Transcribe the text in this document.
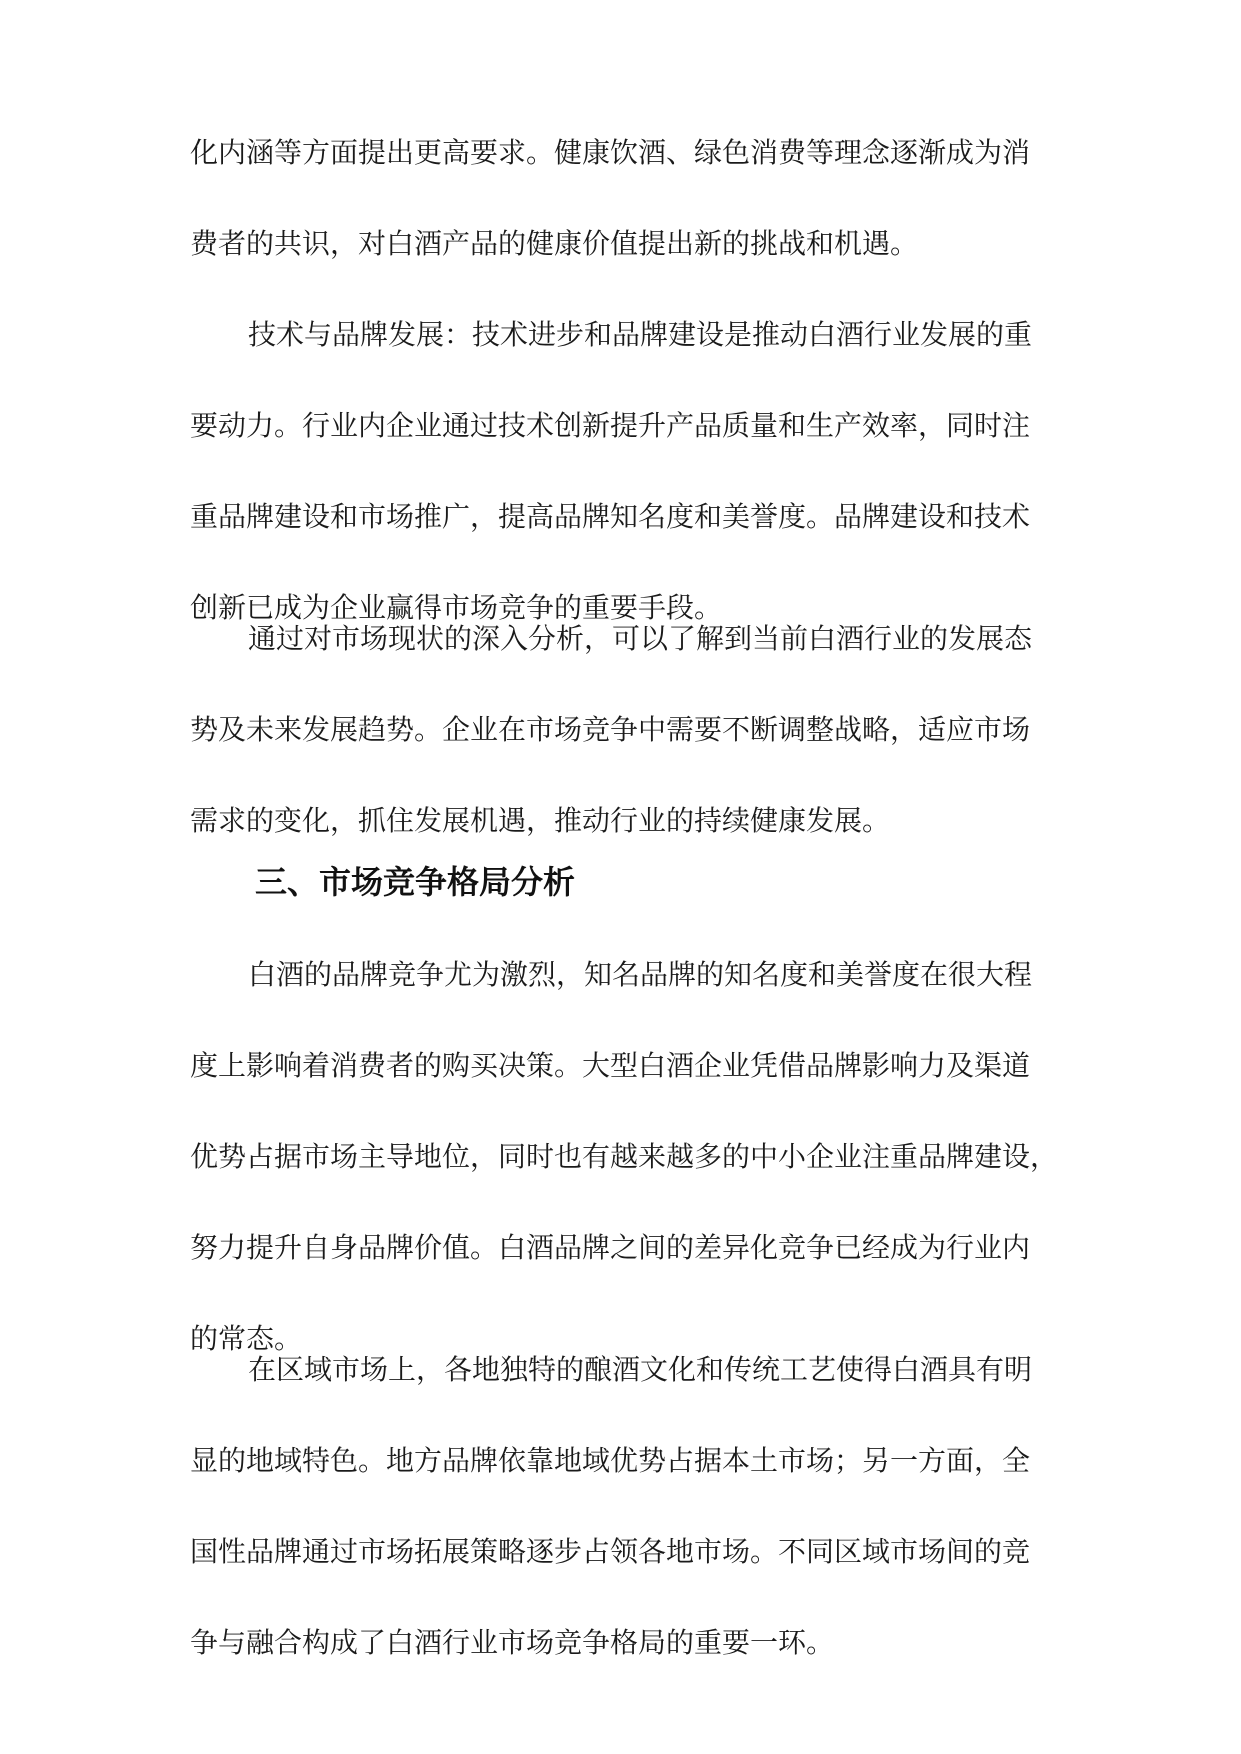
化内涵等方面提出更高要求。健康饮酒、绿色消费等理念逐渐成为消
费者的共识，对白酒产品的健康价值提出新的挑战和机遇。
技术与品牌发展：技术进步和品牌建设是推动白酒行业发展的重
要动力。行业内企业通过技术创新提升产品质量和生产效率，同时注
重品牌建设和市场推广，提高品牌知名度和美誉度。品牌建设和技术
创新已成为企业赢得市场竞争的重要手段。
通过对市场现状的深入分析，可以了解到当前白酒行业的发展态
势及未来发展趋势。企业在市场竞争中需要不断调整战略，适应市场
需求的变化，抓住发展机遇，推动行业的持续健康发展。
三、市场竞争格局分析
白酒的品牌竞争尤为激烈，知名品牌的知名度和美誉度在很大程
度上影响着消费者的购买决策。大型白酒企业凭借品牌影响力及渠道
优势占据市场主导地位，同时也有越来越多的中小企业注重品牌建设，
努力提升自身品牌价值。白酒品牌之间的差异化竞争已经成为行业内
的常态。
在区域市场上，各地独特的酿酒文化和传统工艺使得白酒具有明
显的地域特色。地方品牌依靠地域优势占据本土市场；另一方面，全
国性品牌通过市场拓展策略逐步占领各地市场。不同区域市场间的竞
争与融合构成了白酒行业市场竞争格局的重要一环。
